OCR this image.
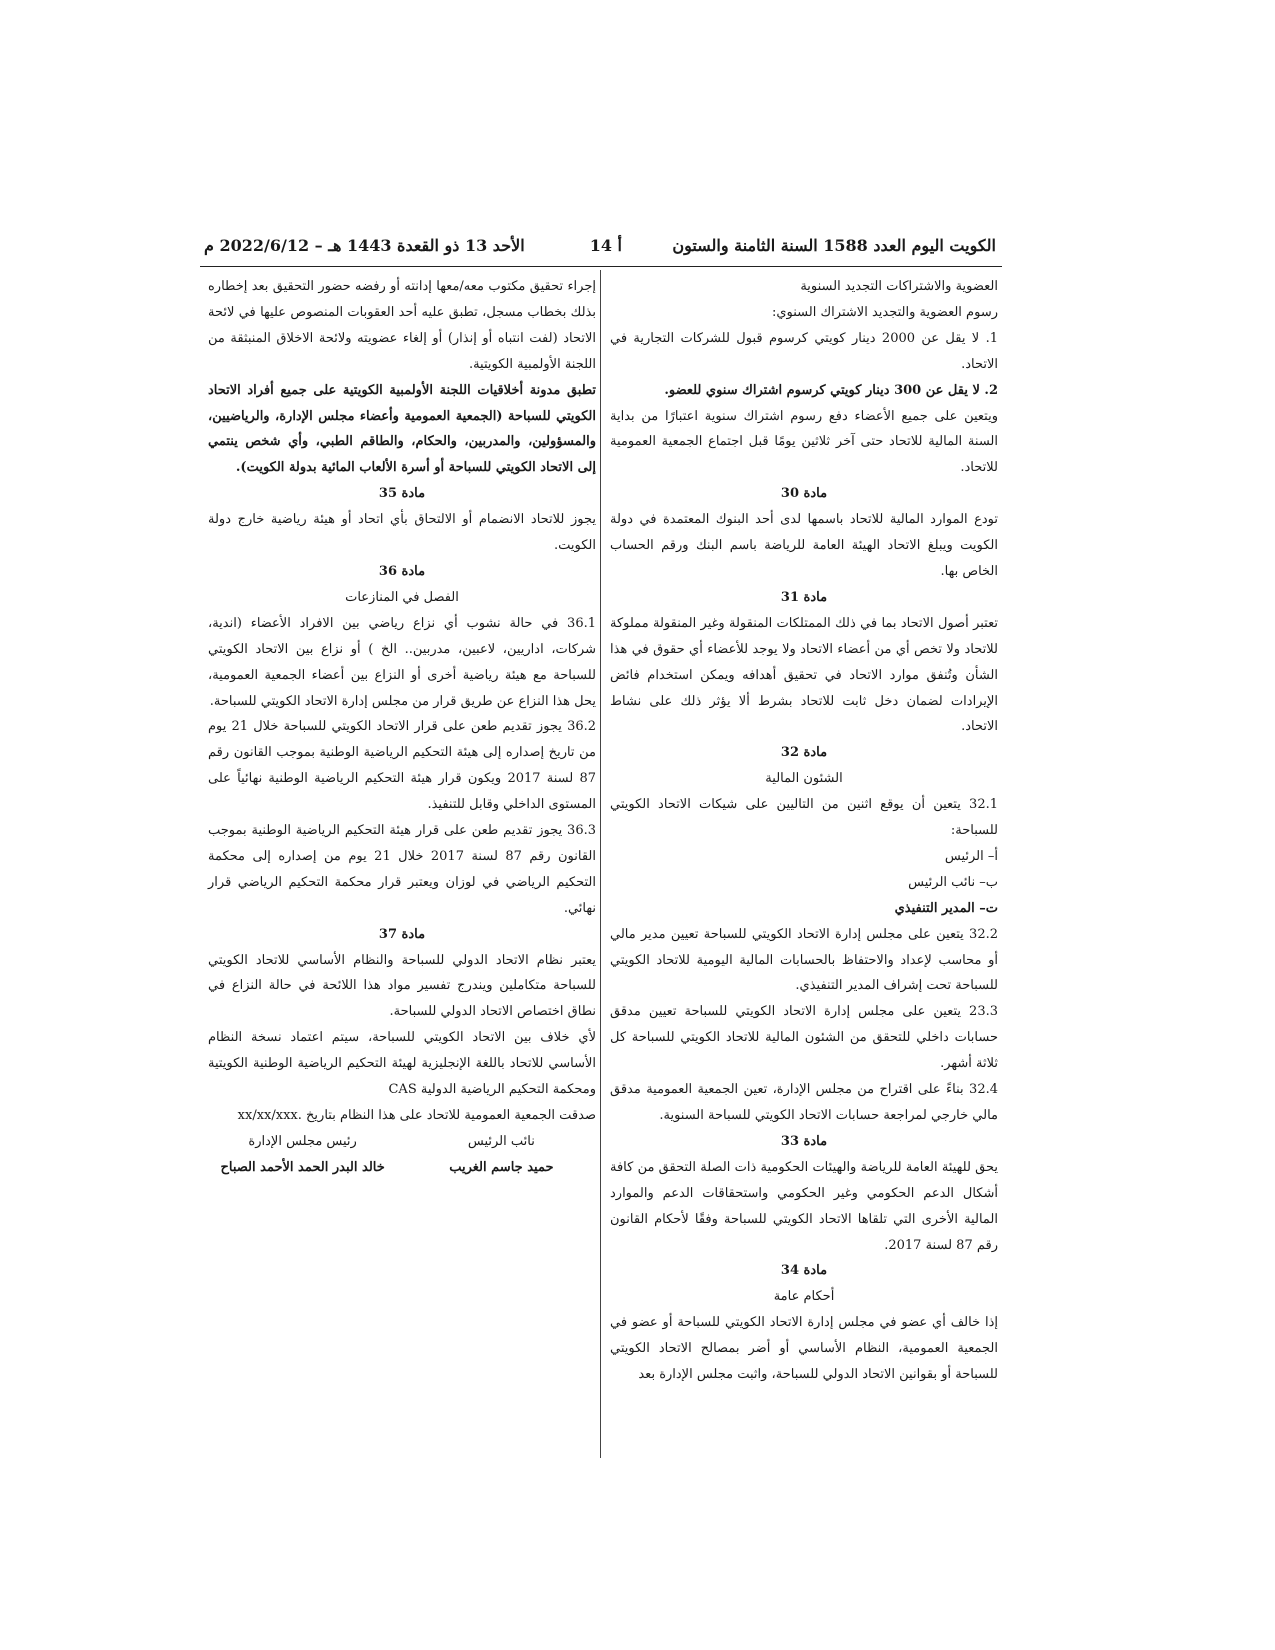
الكويت اليوم العدد 1588 السنة الثامنة والستون
أ 14
الأحد 13 ذو القعدة 1443 هـ – 2022/6/12 م

العضوية والاشتراكات التجديد السنوية

رسوم العضوية والتجديد الاشتراك السنوي:

1. لا يقل عن 2000 دينار كويتي كرسوم قبول للشركات التجارية في الاتحاد.

2. لا يقل عن 300 دينار كويتي كرسوم اشتراك سنوي للعضو.

ويتعين على جميع الأعضاء دفع رسوم اشتراك سنوية اعتبارًا من بداية السنة المالية للاتحاد حتى آخر ثلاثين يومًا قبل اجتماع الجمعية العمومية للاتحاد.

مادة 30

تودع الموارد المالية للاتحاد باسمها لدى أحد البنوك المعتمدة في دولة الكويت ويبلغ الاتحاد الهيئة العامة للرياضة باسم البنك ورقم الحساب الخاص بها.

مادة 31

تعتبر أصول الاتحاد بما في ذلك الممتلكات المنقولة وغير المنقولة مملوكة للاتحاد ولا تخص أي من أعضاء الاتحاد ولا يوجد للأعضاء أي حقوق في هذا الشأن وتُنفق موارد الاتحاد في تحقيق أهدافه ويمكن استخدام فائض الإيرادات لضمان دخل ثابت للاتحاد بشرط ألا يؤثر ذلك على نشاط الاتحاد.

مادة 32

الشئون المالية

32.1 يتعين أن يوقع اثنين من التاليين على شيكات الاتحاد الكويتي للسباحة:

أ– الرئيس

ب– نائب الرئيس

ت– المدير التنفيذي

32.2 يتعين على مجلس إدارة الاتحاد الكويتي للسباحة تعيين مدير مالي أو محاسب لإعداد والاحتفاظ بالحسابات المالية اليومية للاتحاد الكويتي للسباحة تحت إشراف المدير التنفيذي.

23.3 يتعين على مجلس إدارة الاتحاد الكويتي للسباحة تعيين مدقق حسابات داخلي للتحقق من الشئون المالية للاتحاد الكويتي للسباحة كل ثلاثة أشهر.

32.4 بناءً على اقتراح من مجلس الإدارة، تعين الجمعية العمومية مدقق مالي خارجي لمراجعة حسابات الاتحاد الكويتي للسباحة السنوية.

مادة 33

يحق للهيئة العامة للرياضة والهيئات الحكومية ذات الصلة التحقق من كافة أشكال الدعم الحكومي وغير الحكومي واستحقاقات الدعم والموارد المالية الأخرى التي تلقاها الاتحاد الكويتي للسباحة وفقًا لأحكام القانون رقم 87 لسنة 2017.

مادة 34

أحكام عامة

إذا خالف أي عضو في مجلس إدارة الاتحاد الكويتي للسباحة أو عضو في الجمعية العمومية، النظام الأساسي أو أضر بمصالح الاتحاد الكويتي للسباحة أو بقوانين الاتحاد الدولي للسباحة، واثبت مجلس الإدارة بعد

إجراء تحقيق مكتوب معه/معها إدانته أو رفضه حضور التحقيق بعد إخطاره بذلك بخطاب مسجل، تطبق عليه أحد العقوبات المنصوص عليها في لائحة الاتحاد (لفت انتباه أو إنذار) أو إلغاء عضويته ولائحة الاخلاق المنبثقة من اللجنة الأولمبية الكويتية.

تطبق مدونة أخلاقيات اللجنة الأولمبية الكويتية على جميع أفراد الاتحاد الكويتي للسباحة (الجمعية العمومية وأعضاء مجلس الإدارة، والرياضيين، والمسؤولين، والمدربين، والحكام، والطاقم الطبي، وأي شخص ينتمي إلى الاتحاد الكويتي للسباحة أو أسرة الألعاب المائية بدولة الكويت).

مادة 35

يجوز للاتحاد الانضمام أو الالتحاق بأي اتحاد أو هيئة رياضية خارج دولة الكويت.

مادة 36

الفصل في المنازعات

36.1 في حالة نشوب أي نزاع رياضي بين الافراد الأعضاء (اندية، شركات، اداريين، لاعبين، مدربين.. الخ ) أو نزاع بين الاتحاد الكويتي للسباحة مع هيئة رياضية أخرى أو النزاع بين أعضاء الجمعية العمومية، يحل هذا النزاع عن طريق قرار من مجلس إدارة الاتحاد الكويتي للسباحة.

36.2 يجوز تقديم طعن على قرار الاتحاد الكويتي للسباحة خلال 21 يوم من تاريخ إصداره إلى هيئة التحكيم الرياضية الوطنية بموجب القانون رقم 87 لسنة 2017 ويكون قرار هيئة التحكيم الرياضية الوطنية نهائياً على المستوى الداخلي وقابل للتنفيذ.

36.3 يجوز تقديم طعن على قرار هيئة التحكيم الرياضية الوطنية بموجب القانون رقم 87 لسنة 2017 خلال 21 يوم من إصداره إلى محكمة التحكيم الرياضي في لوزان ويعتبر قرار محكمة التحكيم الرياضي قرار نهائي.

مادة 37

يعتبر نظام الاتحاد الدولي للسباحة والنظام الأساسي للاتحاد الكويتي للسباحة متكاملين ويندرج تفسير مواد هذا اللائحة في حالة النزاع في نطاق اختصاص الاتحاد الدولي للسباحة.

لأي خلاف بين الاتحاد الكويتي للسباحة، سيتم اعتماد نسخة النظام الأساسي للاتحاد باللغة الإنجليزية لهيئة التحكيم الرياضية الوطنية الكويتية ومحكمة التحكيم الرياضية الدولية CAS

صدقت الجمعية العمومية للاتحاد على هذا النظام بتاريخ xx/xx/xxx.

نائب الرئيس

حميد جاسم الغريب

رئيس مجلس الإدارة

خالد البدر الحمد الأحمد الصباح
